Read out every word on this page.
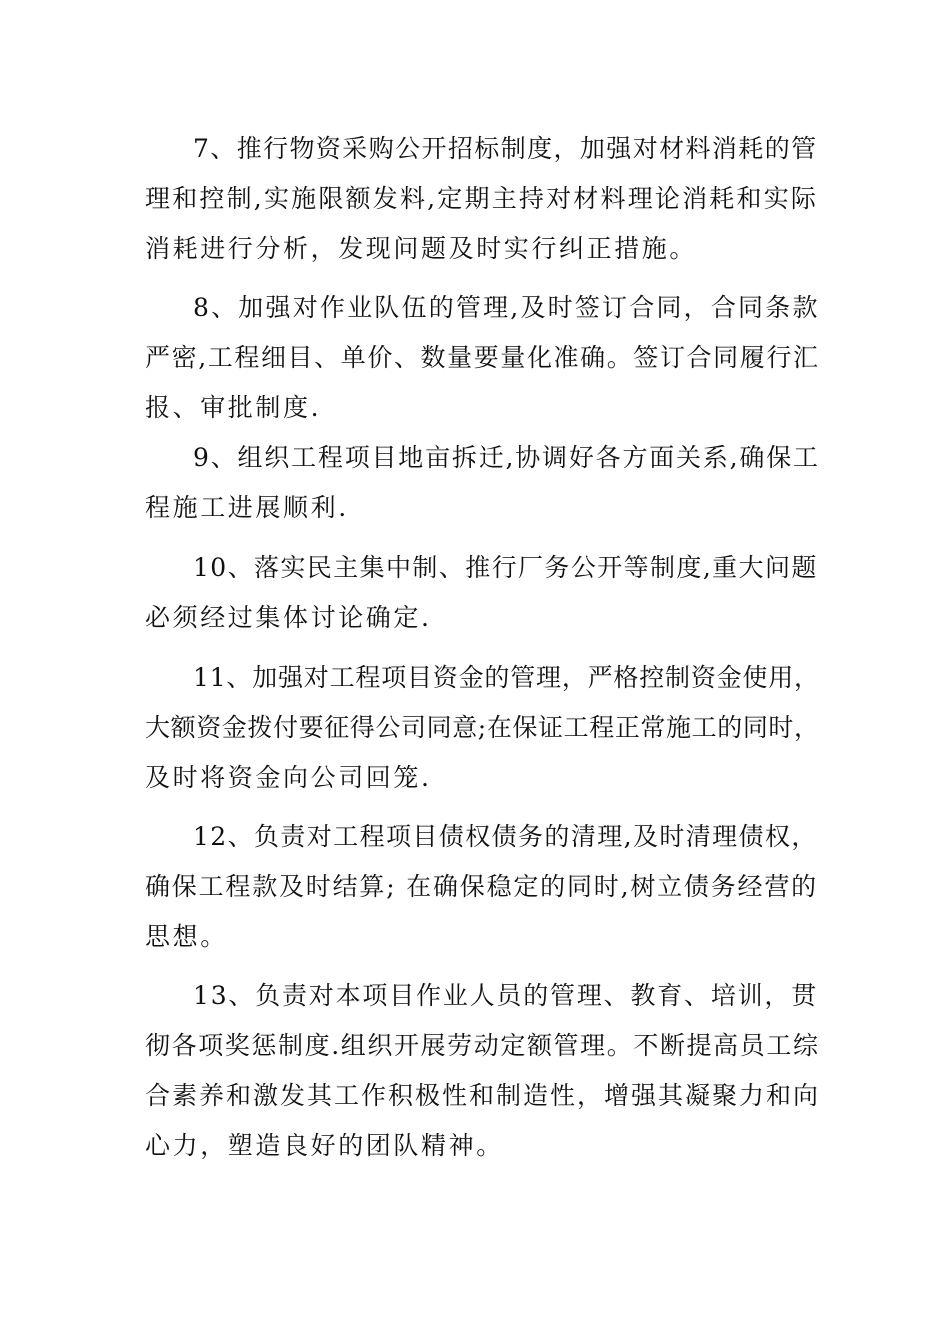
7、推行物资采购公开招标制度，加强对材料消耗的管
理和控制,实施限额发料,定期主持对材料理论消耗和实际
消耗进行分析，发现问题及时实行纠正措施。
8、加强对作业队伍的管理,及时签订合同，合同条款
严密,工程细目、单价、数量要量化准确。签订合同履行汇
报、审批制度.
9、组织工程项目地亩拆迁,协调好各方面关系,确保工
程施工进展顺利.
10、落实民主集中制、推行厂务公开等制度,重大问题
必须经过集体讨论确定.
11、加强对工程项目资金的管理，严格控制资金使用，
大额资金拨付要征得公司同意;在保证工程正常施工的同时，
及时将资金向公司回笼.
12、负责对工程项目债权债务的清理,及时清理债权，
确保工程款及时结算; 在确保稳定的同时,树立债务经营的
思想。
13、负责对本项目作业人员的管理、教育、培训，贯
彻各项奖惩制度.组织开展劳动定额管理。不断提高员工综
合素养和激发其工作积极性和制造性，增强其凝聚力和向
心力，塑造良好的团队精神。
